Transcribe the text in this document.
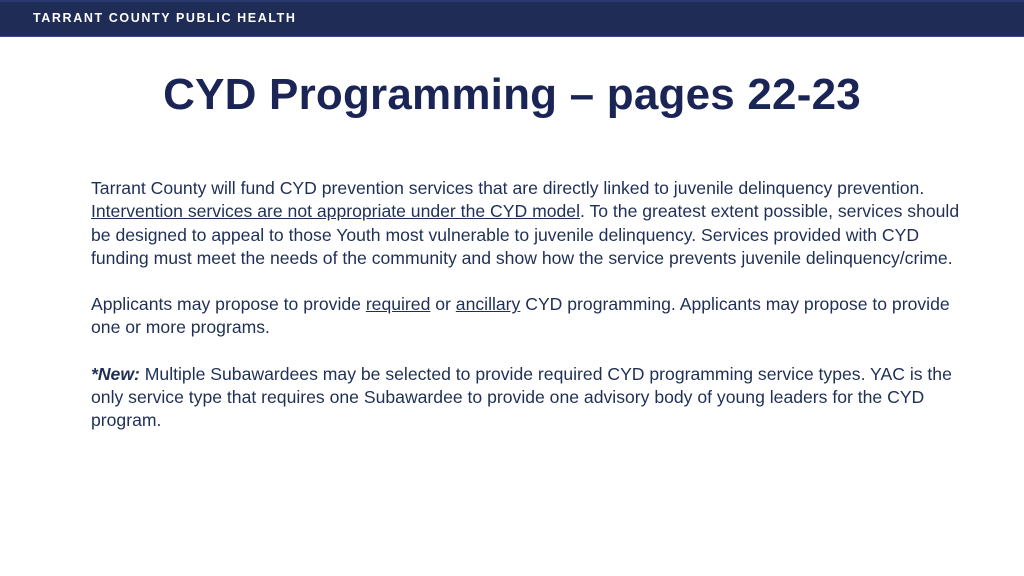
TARRANT COUNTY PUBLIC HEALTH
CYD Programming – pages 22-23

Tarrant County will fund CYD prevention services that are directly linked to juvenile delinquency prevention. Intervention services are not appropriate under the CYD model. To the greatest extent possible, services should be designed to appeal to those Youth most vulnerable to juvenile delinquency. Services provided with CYD funding must meet the needs of the community and show how the service prevents juvenile delinquency/crime.

Applicants may propose to provide required or ancillary CYD programming. Applicants may propose to provide one or more programs.

*New: Multiple Subawardees may be selected to provide required CYD programming service types. YAC is the only service type that requires one Subawardee to provide one advisory body of young leaders for the CYD program.
